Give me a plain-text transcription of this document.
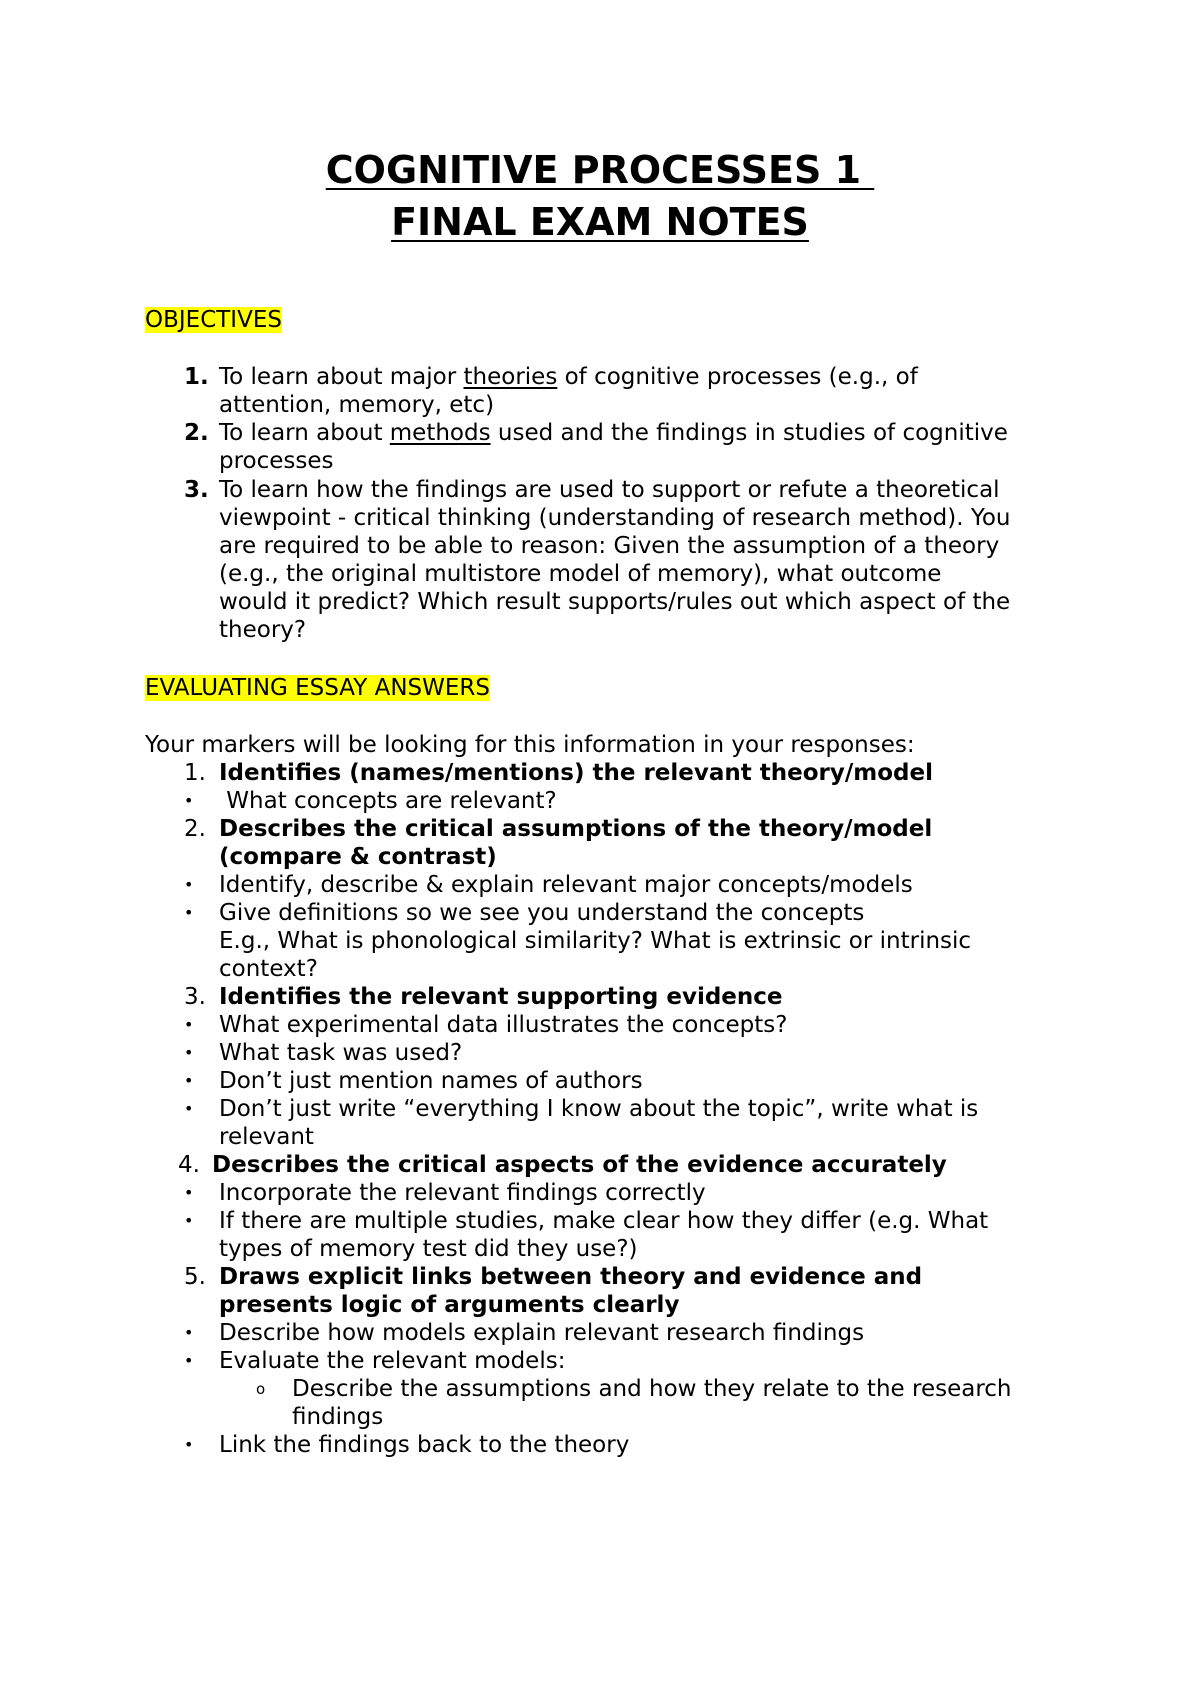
COGNITIVE PROCESSES 1
FINAL EXAM NOTES
OBJECTIVES
1. To learn about major theories of cognitive processes (e.g., of
attention, memory, etc)
2. To learn about methods used and the findings in studies of cognitive
processes
3. To learn how the findings are used to support or refute a theoretical
viewpoint - critical thinking (understanding of research method). You
are required to be able to reason: Given the assumption of a theory
(e.g., the original multistore model of memory), what outcome
would it predict? Which result supports/rules out which aspect of the
theory?
EVALUATING ESSAY ANSWERS
Your markers will be looking for this information in your responses:
1. Identifies (names/mentions) the relevant theory/model
• What concepts are relevant?
2. Describes the critical assumptions of the theory/model
(compare & contrast)
• Identify, describe & explain relevant major concepts/models
• Give definitions so we see you understand the concepts
E.g., What is phonological similarity? What is extrinsic or intrinsic
context?
3. Identifies the relevant supporting evidence
• What experimental data illustrates the concepts?
• What task was used?
• Don’t just mention names of authors
• Don’t just write “everything I know about the topic”, write what is
relevant
4. Describes the critical aspects of the evidence accurately
• Incorporate the relevant findings correctly
• If there are multiple studies, make clear how they differ (e.g. What
types of memory test did they use?)
5. Draws explicit links between theory and evidence and
presents logic of arguments clearly
• Describe how models explain relevant research findings
• Evaluate the relevant models:
o Describe the assumptions and how they relate to the research
findings
• Link the findings back to the theory
